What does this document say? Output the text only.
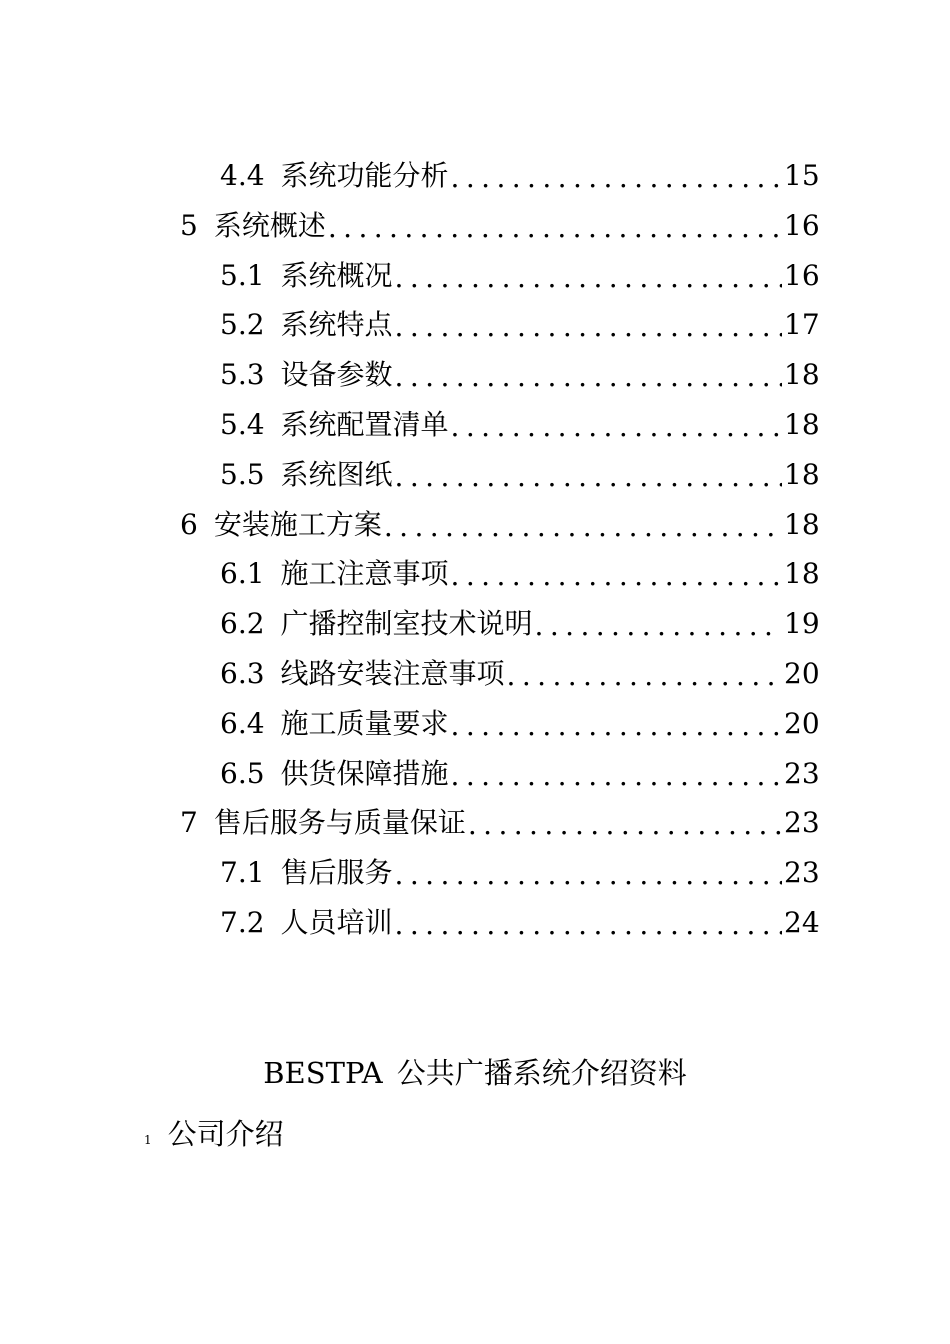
4.4 系统功能分析 .....	15
5 系统概述 .....	16
5.1 系统概况 .....	16
5.2 系统特点 .....	17
5.3 设备参数 .....	18
5.4 系统配置清单 .....	18
5.5 系统图纸 .....	18
6 安装施工方案 .....	18
6.1 施工注意事项 .....	18
6.2 广播控制室技术说明 .....	19
6.3 线路安装注意事项 .....	20
6.4 施工质量要求 .....	20
6.5 供货保障措施 .....	23
7 售后服务与质量保证 .....	23
7.1 售后服务 .....	23
7.2 人员培训 .....	24
BESTPA 公共广播系统介绍资料
1 公司介绍
